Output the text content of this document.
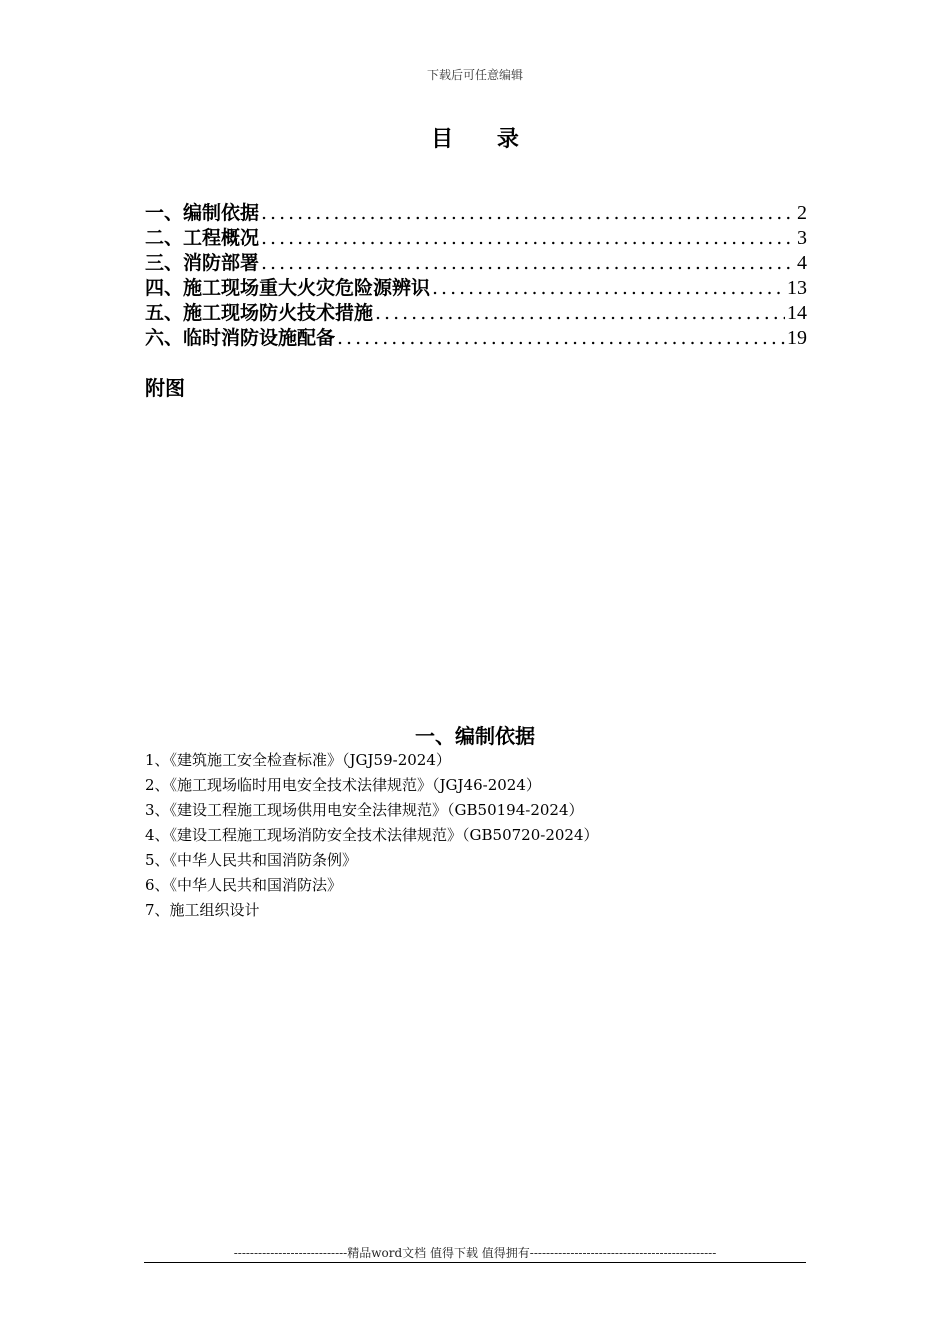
下载后可任意编辑
目 录
一、编制依据 .....	2
二、工程概况 .....	3
三、消防部署 .....	4
四、施工现场重大火灾危险源辨识 .....	13
五、施工现场防火技术措施 .....	14
六、临时消防设施配备 .....	19
附图
一、编制依据
1、《建筑施工安全检查标准》（JGJ59-2024）
2、《施工现场临时用电安全技术法律规范》（JGJ46-2024）
3、《建设工程施工现场供用电安全法律规范》（GB50194-2024）
4、《建设工程施工现场消防安全技术法律规范》（GB50720-2024）
5、《中华人民共和国消防条例》
6、《中华人民共和国消防法》
7、施工组织设计
----------------------------精品word文档 值得下载 值得拥有----------------------------------------------
